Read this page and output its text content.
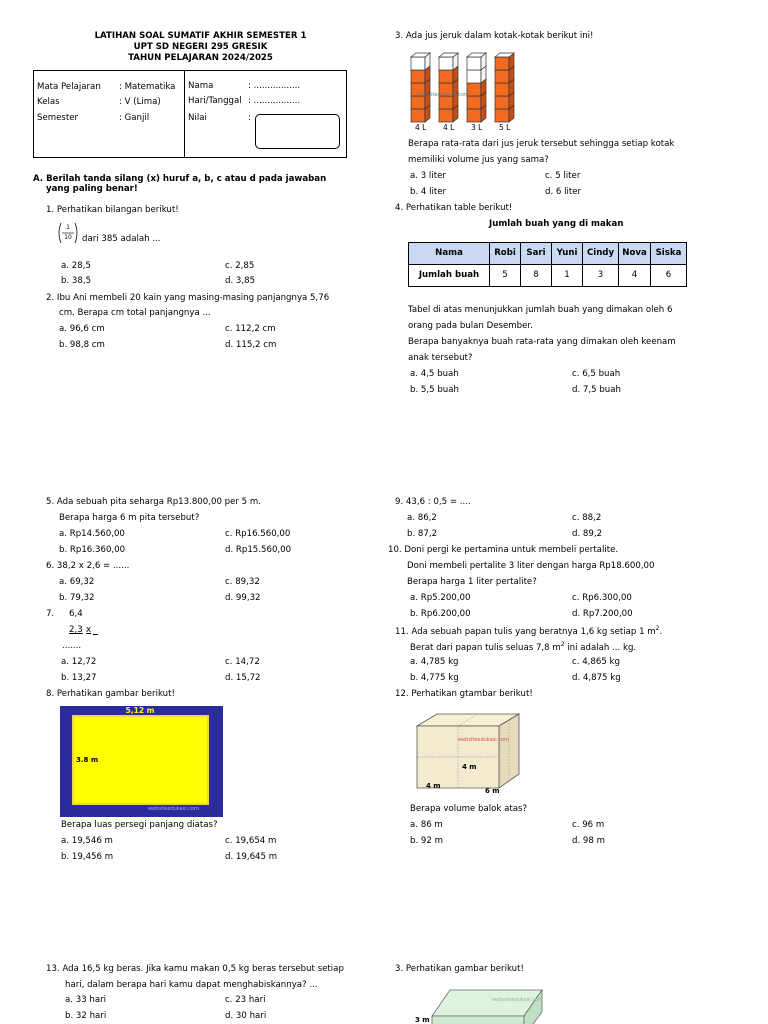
LATIHAN SOAL SUMATIF AKHIR SEMESTER 1
UPT SD NEGERI 295 GRESIK
TAHUN PELAJARAN 2024/2025
Mata Pelajaran : Matematika
Kelas	: V (Lima)
Semester	: Ganjil
Nama	: .................
Hari/Tanggal : .................
Nilai	:
A. Berilah tanda silang (x) huruf a, b, c atau d pada jawaban
yang paling benar!
1. Perhatikan bilangan berikut!
1
10 dari 385 adalah ...
a. 28,5
b. 38,5
c. 2,85
d. 3,85
2. Ibu Ani membeli 20 kain yang masing-masing panjangnya 5,76
cm. Berapa cm total panjangnya ...
a. 96,6 cm
b. 98,8 cm
c. 112,2 cm
d. 115,2 cm
3. Ada jus jeruk dalam kotak-kotak berikut ini!
websiteedukasi.com
4 L 4 L 3 L 5 L
Berapa rata-rata dari jus jeruk tersebut sehingga setiap kotak
memiliki volume jus yang sama?
a. 3 liter
b. 4 liter
c. 5 liter
d. 6 liter
4. Perhatikan table berikut!
Jumlah buah yang di makan
Nama	Robi	Sari	Yuni	Cindy	Nova	Siska
Jumlah buah	5	8	1	3	4	6
Tabel di atas menunjukkan jumlah buah yang dimakan oleh 6
orang pada bulan Desember.
Berapa banyaknya buah rata-rata yang dimakan oleh keenam
anak tersebut?
a. 4,5 buah
b. 5,5 buah
c. 6,5 buah
d. 7,5 buah
5. Ada sebuah pita seharga Rp13.800,00 per 5 m.
Berapa harga 6 m pita tersebut?
a. Rp14.560,00
b. Rp16.360,00
c. Rp16.560,00
d. Rp15.560,00
6. 38,2 x 2,6 = ......
a. 69,32
b. 79,32
c. 89,32
d. 99,32
7. 6,4
2,3 x
.......
a. 12,72
b. 13,27
c. 14,72
d. 15,72
8. Perhatikan gambar berikut!
5,12 m
3.8 m
websiteedukasi.com
Berapa luas persegi panjang diatas?
a. 19,546 m
b. 19,456 m
c. 19,654 m
d. 19,645 m
9. 43,6 : 0,5 = ....
a. 86,2
b. 87,2
c. 88,2
d. 89,2
10. Doni pergi ke pertamina untuk membeli pertalite.
Doni membeli pertalite 3 liter dengan harga Rp18.600,00
Berapa harga 1 liter pertalite?
a. Rp5.200,00
b. Rp6.200,00
c. Rp6.300,00
d. Rp7.200,00
11. Ada sebuah papan tulis yang beratnya 1,6 kg setiap 1 $m^2$.
Berat dari papan tulis seluas 7,8 $m^2$ ini adalah ... kg.
a. 4,785 kg
b. 4,775 kg
c. 4,865 kg
d. 4,875 kg
12. Perhatikan gtambar berikut!
4 m
4 m
6 m
websiteedukasi.com
Berapa volume balok atas?
a. 86 m
b. 92 m
c. 96 m
d. 98 m
13. Ada 16,5 kg beras. Jika kamu makan 0,5 kg beras tersebut setiap
hari, dalam berapa hari kamu dapat menghabiskannya? ...
a. 33 hari
b. 32 hari
c. 23 hari
d. 30 hari
3. Perhatikan gambar berikut!
3 m
websiteedukasi.com
